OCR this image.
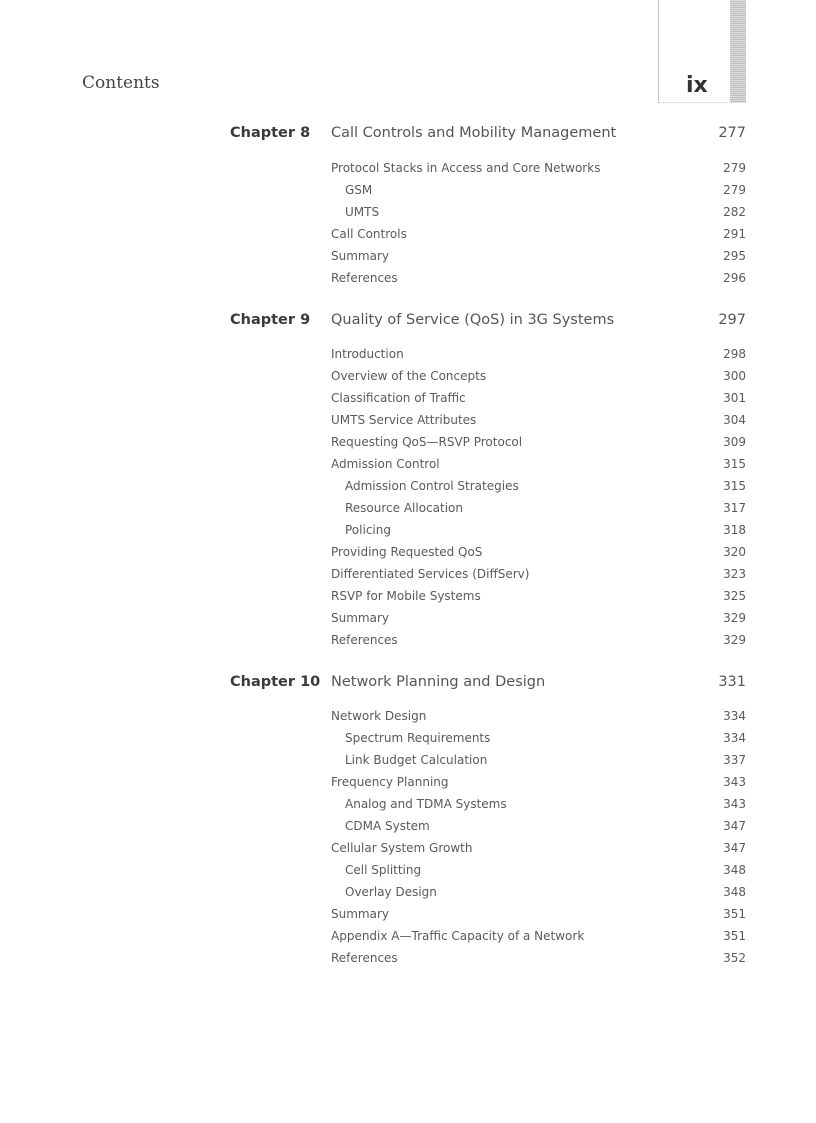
Contents	ix
Chapter 8 Call Controls and Mobility Management	277
Protocol Stacks in Access and Core Networks	279
GSM	279
UMTS	282
Call Controls	291
Summary	295
References	296
Chapter 9 Quality of Service (QoS) in 3G Systems	297
Introduction	298
Overview of the Concepts	300
Classification of Traffic	301
UMTS Service Attributes	304
Requesting QoS—RSVP Protocol	309
Admission Control	315
Admission Control Strategies	315
Resource Allocation	317
Policing	318
Providing Requested QoS	320
Differentiated Services (DiffServ)	323
RSVP for Mobile Systems	325
Summary	329
References	329
Chapter 10 Network Planning and Design	331
Network Design	334
Spectrum Requirements	334
Link Budget Calculation	337
Frequency Planning	343
Analog and TDMA Systems	343
CDMA System	347
Cellular System Growth	347
Cell Splitting	348
Overlay Design	348
Summary	351
Appendix A—Traffic Capacity of a Network	351
References	352
